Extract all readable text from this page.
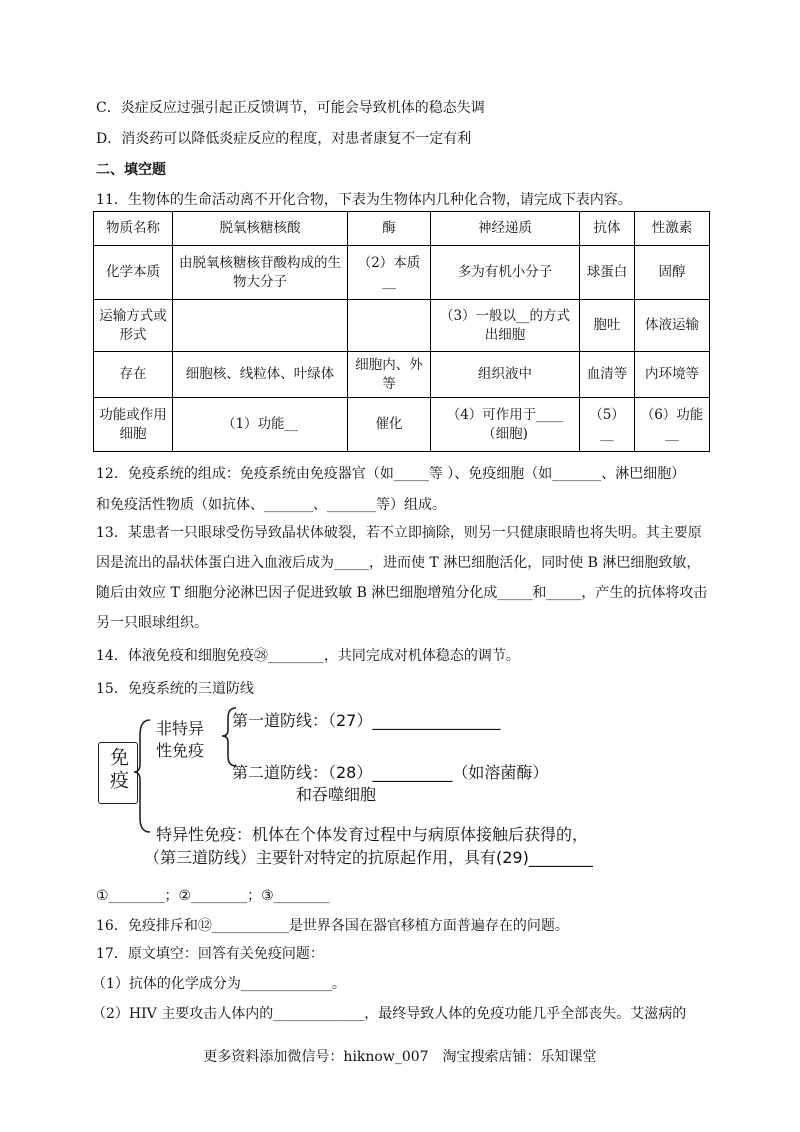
C．炎症反应过强引起正反馈调节，可能会导致机体的稳态失调
D．消炎药可以降低炎症反应的程度，对患者康复不一定有利
二、填空题
11．生物体的生命活动离不开化合物，下表为生物体内几种化合物，请完成下表内容。
物质名称	脱氧核糖核酸	酶	神经递质	抗体	性激素
化学本质	由脱氧核糖核苷酸构成的生物大分子	（2）本质__	多为有机小分子	球蛋白	固醇
运输方式或形式			（3）一般以__的方式出细胞	胞吐	体液运输
存在	细胞核、线粒体、叶绿体	细胞内、外等	组织液中	血清等	内环境等
功能或作用细胞	（1）功能__	催化	（4）可作用于____（细胞)	（5）__	（6）功能__
12．免疫系统的组成：免疫系统由免疫器官（如_____等 ）、免疫细胞（如_______、淋巴细胞）
和免疫活性物质（如抗体、_______、_______等）组成。
13．某患者一只眼球受伤导致晶状体破裂，若不立即摘除，则另一只健康眼睛也将失明。其主要原
因是流出的晶状体蛋白进入血液后成为_____，进而使 T 淋巴细胞活化，同时使 B 淋巴细胞致敏，
随后由效应 T 细胞分泌淋巴因子促进致敏 B 淋巴细胞增殖分化成_____和_____，产生的抗体将攻击
另一只眼球组织。
14．体液免疫和细胞免疫㉘________，共同完成对机体稳态的调节。
15．免疫系统的三道防线
免疫
非特异性免疫
第一道防线：（27）________________
第二道防线：（28）__________（如溶菌酶）
和吞噬细胞
特异性免疫：机体在个体发育过程中与病原体接触后获得的，
（第三道防线）主要针对特定的抗原起作用，具有(29)________
①________；②________；③________
16．免疫排斥和⑫___________是世界各国在器官移植方面普遍存在的问题。
17．原文填空：回答有关免疫问题：
（1）抗体的化学成分为_____________。
（2）HIV 主要攻击人体内的_____________，最终导致人体的免疫功能几乎全部丧失。艾滋病的
更多资料添加微信号：hiknow_007　淘宝搜索店铺：乐知课堂
